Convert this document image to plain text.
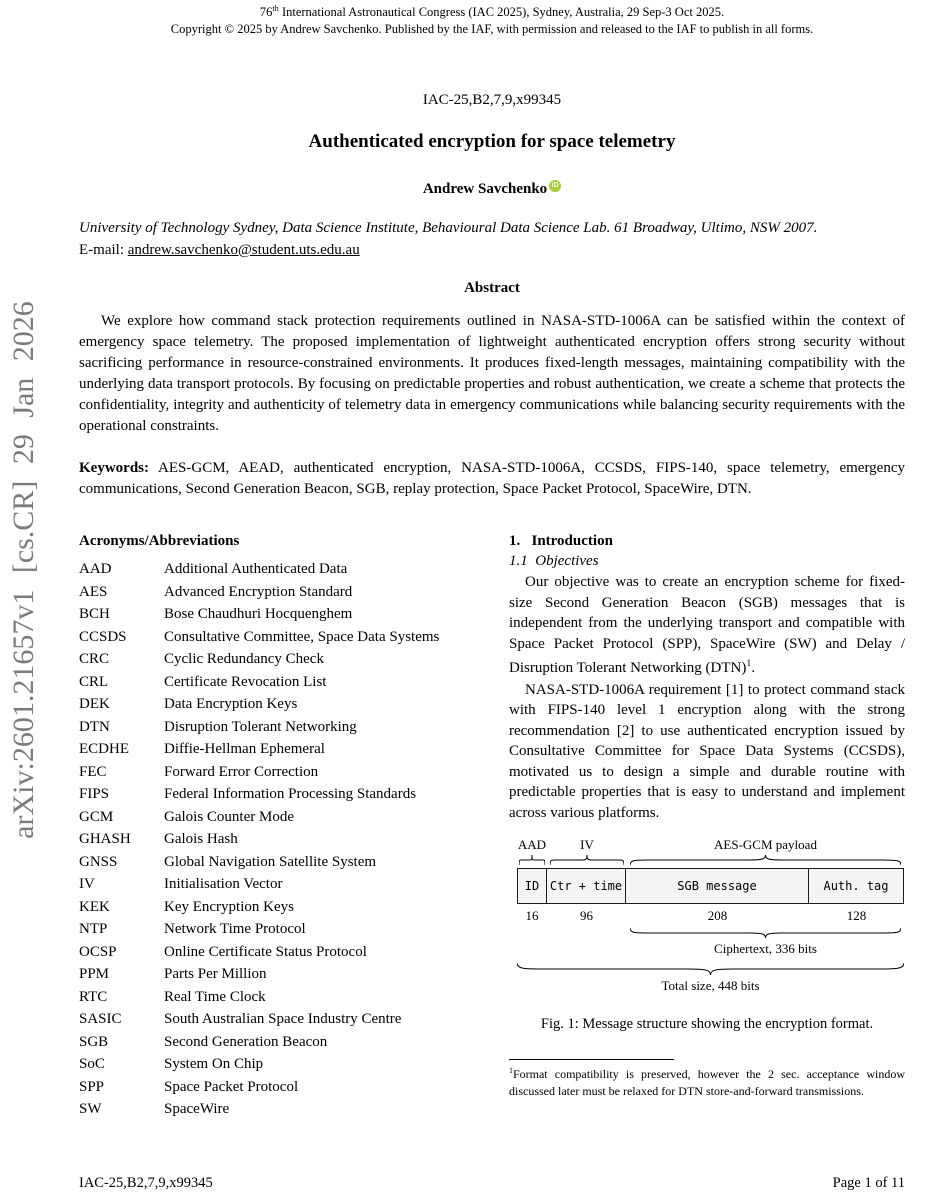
arXiv:2601.21657v1 [cs.CR] 29 Jan 2026
76th International Astronautical Congress (IAC 2025), Sydney, Australia, 29 Sep-3 Oct 2025.
Copyright © 2025 by Andrew Savchenko. Published by the IAF, with permission and released to the IAF to publish in all forms.
IAC-25,B2,7,9,x99345
Authenticated encryption for space telemetry
Andrew Savchenko iD
University of Technology Sydney, Data Science Institute, Behavioural Data Science Lab. 61 Broadway, Ultimo, NSW 2007.
E-mail: andrew.savchenko@student.uts.edu.au
Abstract
We explore how command stack protection requirements outlined in NASA-STD-1006A can be satisfied within the context of emergency space telemetry. The proposed implementation of lightweight authenticated encryption offers strong security without sacrificing performance in resource-constrained environments. It produces fixed-length messages, maintaining compatibility with the underlying data transport protocols. By focusing on predictable properties and robust authentication, we create a scheme that protects the confidentiality, integrity and authenticity of telemetry data in emergency communications while balancing security requirements with the operational constraints.
Keywords: AES-GCM, AEAD, authenticated encryption, NASA-STD-1006A, CCSDS, FIPS-140, space telemetry, emergency communications, Second Generation Beacon, SGB, replay protection, Space Packet Protocol, SpaceWire, DTN.
Acronyms/Abbreviations
AAD	Additional Authenticated Data
AES	Advanced Encryption Standard
BCH	Bose Chaudhuri Hocquenghem
CCSDS	Consultative Committee, Space Data Systems
CRC	Cyclic Redundancy Check
CRL	Certificate Revocation List
DEK	Data Encryption Keys
DTN	Disruption Tolerant Networking
ECDHE	Diffie-Hellman Ephemeral
FEC	Forward Error Correction
FIPS	Federal Information Processing Standards
GCM	Galois Counter Mode
GHASH	Galois Hash
GNSS	Global Navigation Satellite System
IV	Initialisation Vector
KEK	Key Encryption Keys
NTP	Network Time Protocol
OCSP	Online Certificate Status Protocol
PPM	Parts Per Million
RTC	Real Time Clock
SASIC	South Australian Space Industry Centre
SGB	Second Generation Beacon
SoC	System On Chip
SPP	Space Packet Protocol
SW	SpaceWire
1.   Introduction
1.1  Objectives

Our objective was to create an encryption scheme for fixed-size Second Generation Beacon (SGB) messages that is independent from the underlying transport and compatible with Space Packet Protocol (SPP), SpaceWire (SW) and Delay / Disruption Tolerant Networking (DTN)$^1$.

NASA-STD-1006A requirement [1] to protect command stack with FIPS-140 level 1 encryption along with the strong recommendation [2] to use authenticated encryption issued by Consultative Committee for Space Data Systems (CCSDS), motivated us to design a simple and durable routine with predictable properties that is easy to understand and implement across various platforms.

AAD	IV	AES-GCM payload
ID Ctr + time	SGB message	Auth. tag
16	96	208	128
Ciphertext, 336 bits
Total size, 448 bits
Fig. 1: Message structure showing the encryption format.
$^1$Format compatibility is preserved, however the 2 sec. acceptance window discussed later must be relaxed for DTN store-and-forward transmissions.
IAC-25,B2,7,9,x99345	Page 1 of 11
